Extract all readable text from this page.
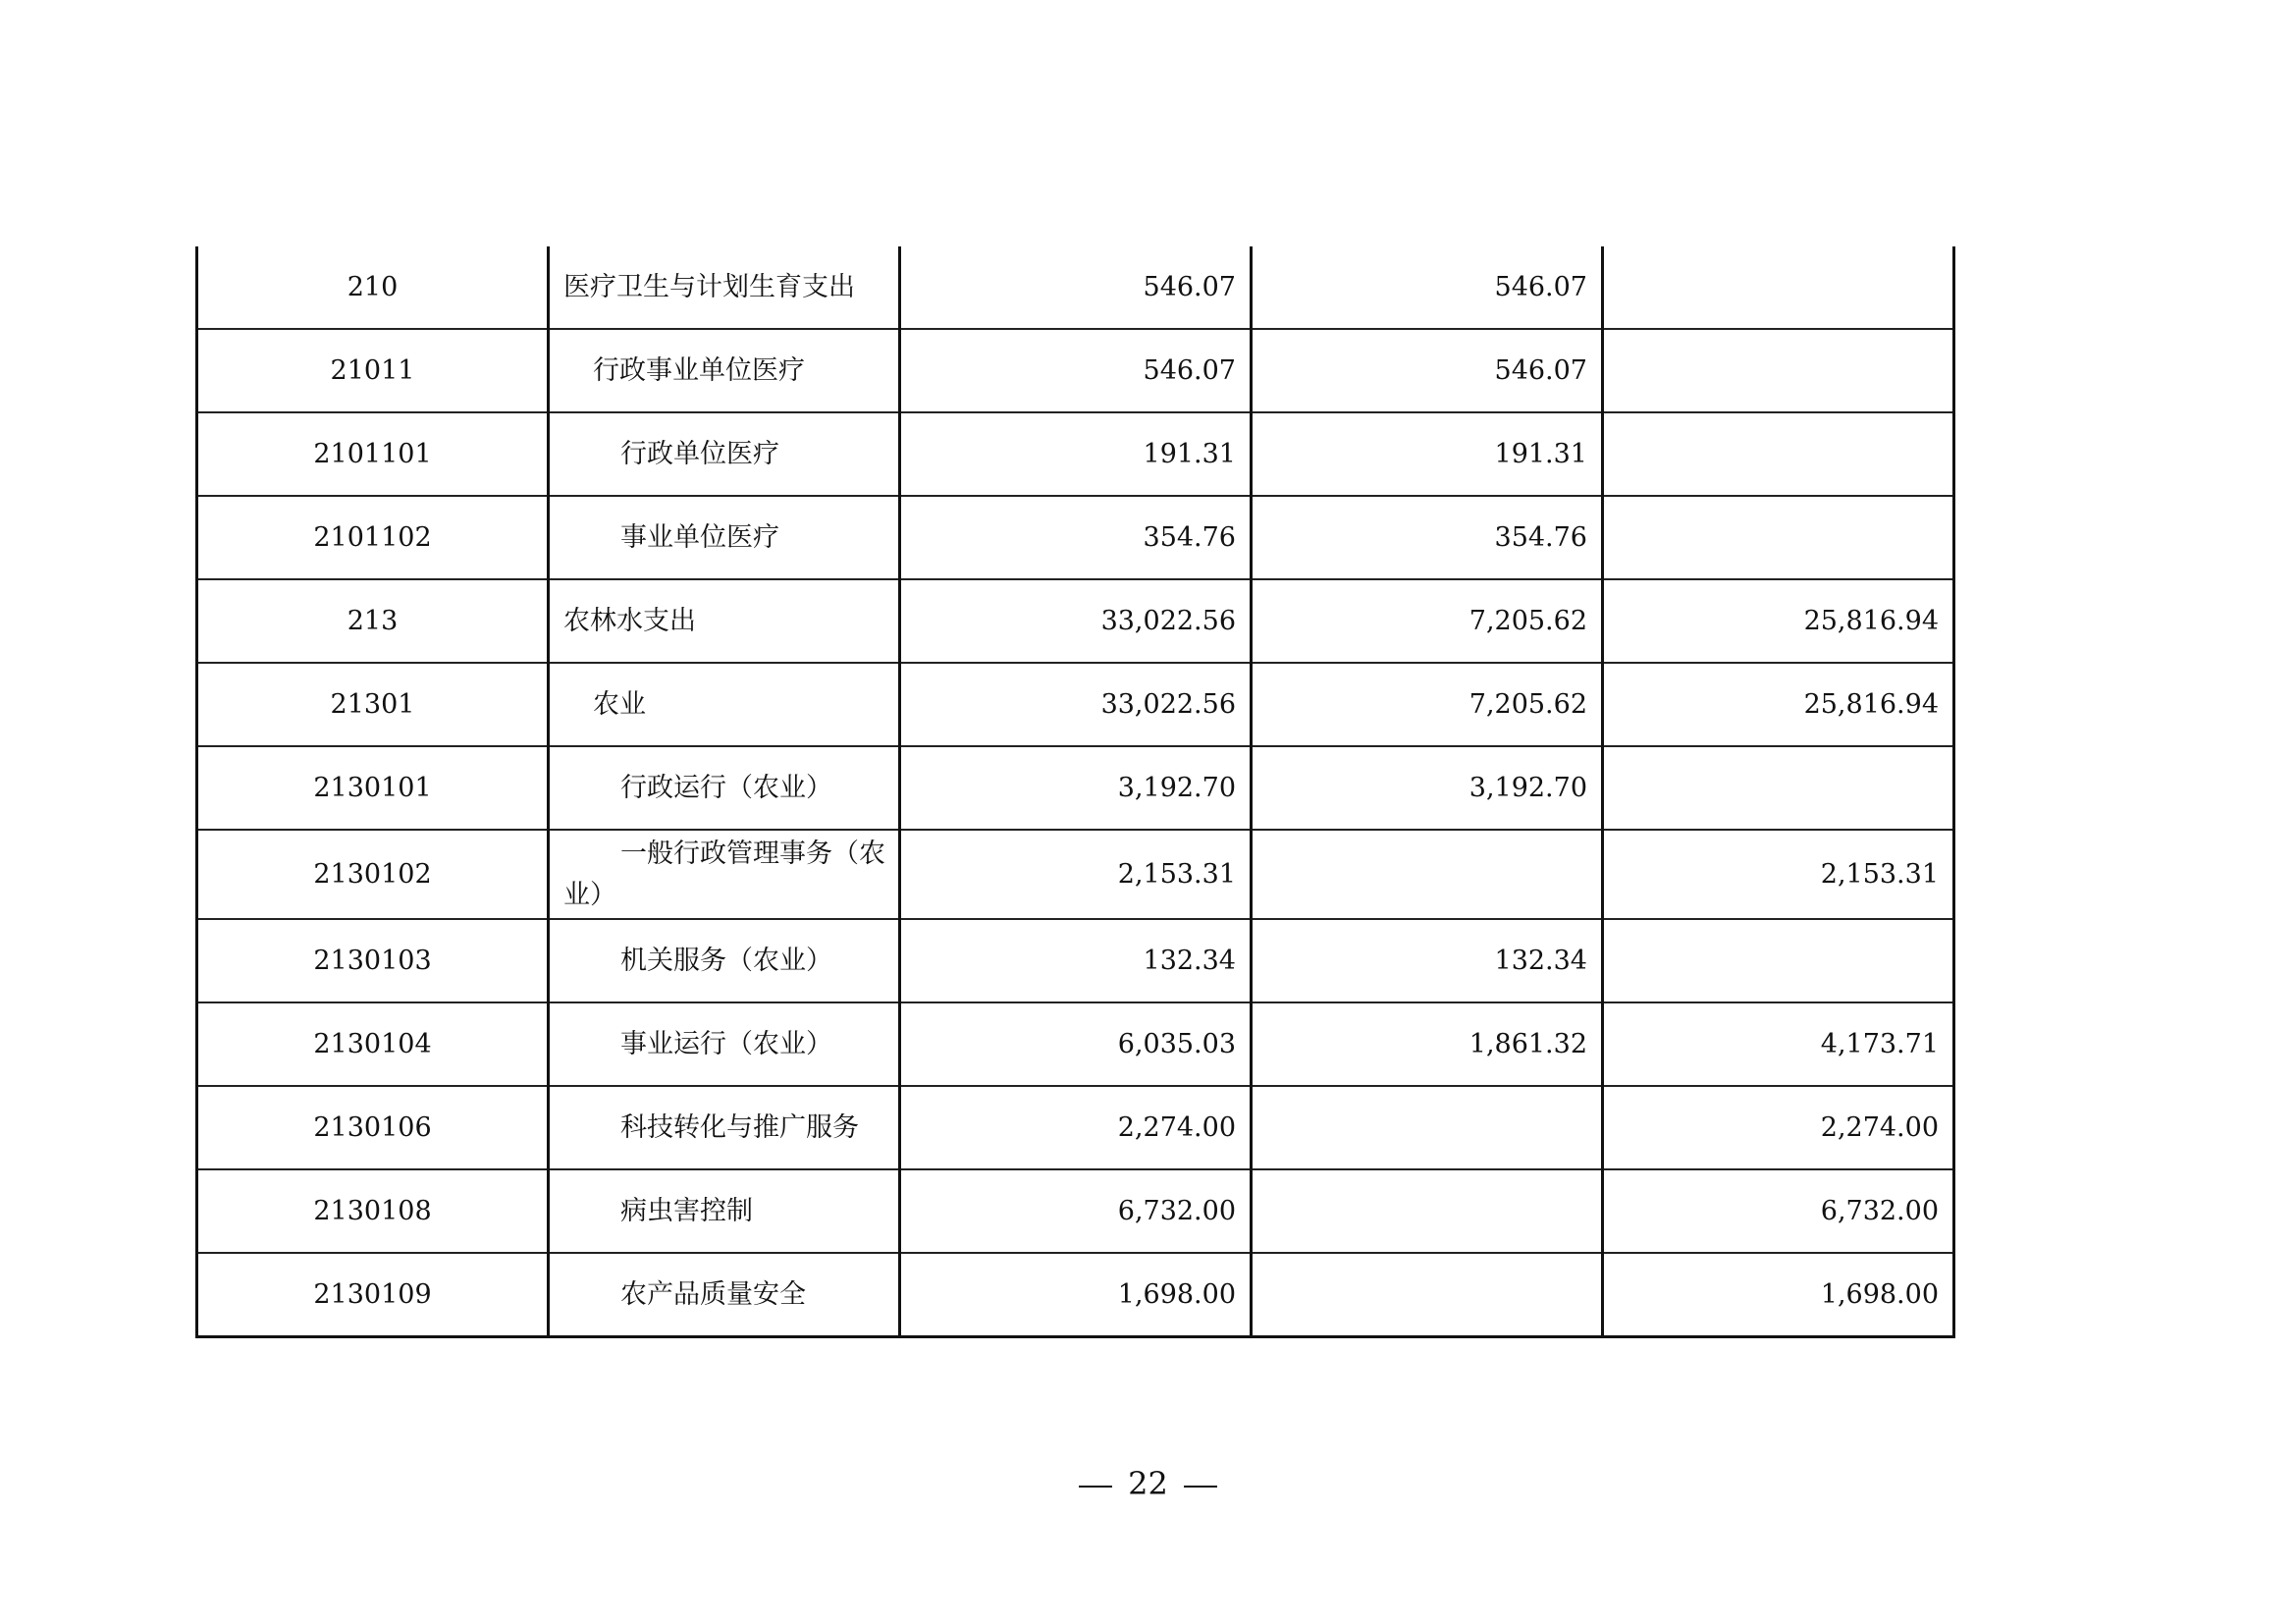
210	医疗卫生与计划生育支出	546.07	546.07	
21011	行政事业单位医疗	546.07	546.07	
2101101	行政单位医疗	191.31	191.31	
2101102	事业单位医疗	354.76	354.76	
213	农林水支出	33,022.56	7,205.62	25,816.94
21301	农业	33,022.56	7,205.62	25,816.94
2130101	行政运行（农业）	3,192.70	3,192.70	
2130102	一般行政管理事务（农业）	2,153.31		2,153.31
2130103	机关服务（农业）	132.34	132.34	
2130104	事业运行（农业）	6,035.03	1,861.32	4,173.71
2130106	科技转化与推广服务	2,274.00		2,274.00
2130108	病虫害控制	6,732.00		6,732.00
2130109	农产品质量安全	1,698.00		1,698.00
22
